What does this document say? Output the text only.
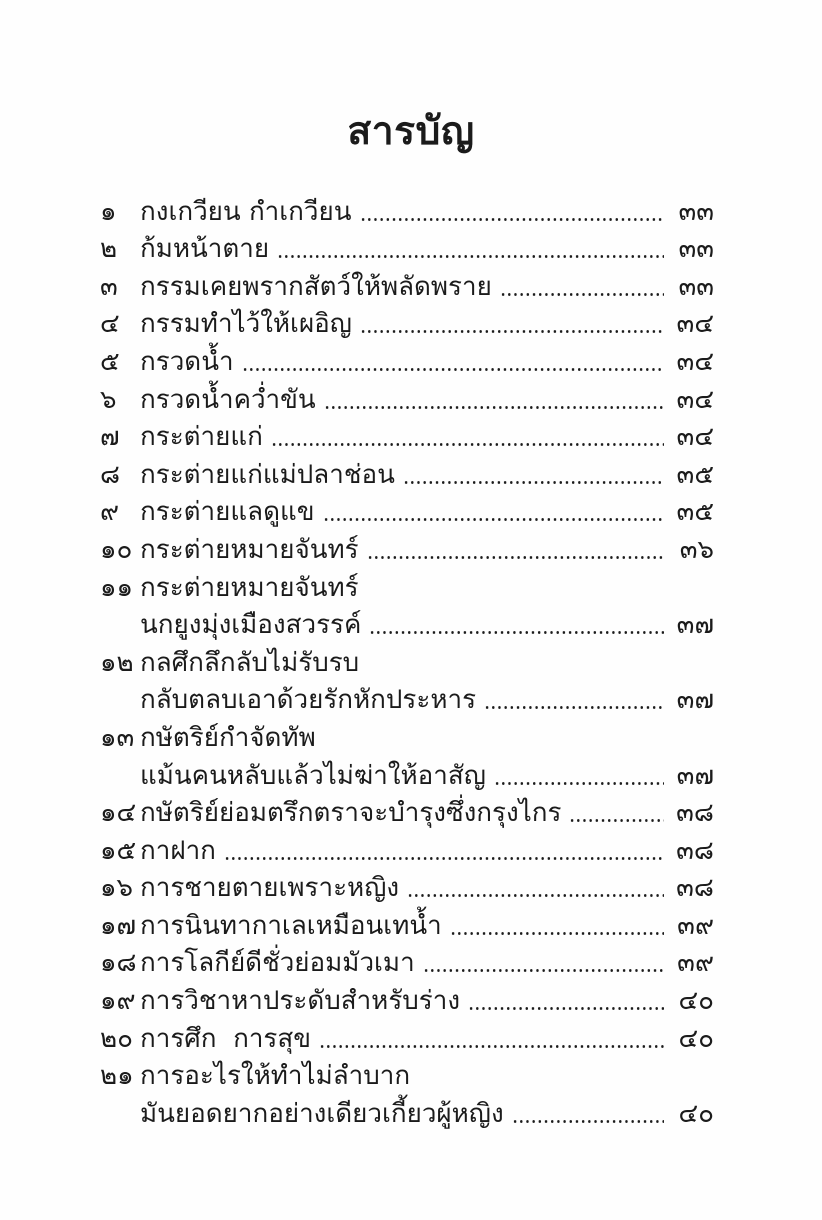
สารบัญ
๑ กงเกวียน กำเกวียน	๓๓
๒ ก้มหน้าตาย	๓๓
๓ กรรมเคยพรากสัตว์ให้พลัดพราย	๓๓
๔ กรรมทำไว้ให้เผอิญ	๓๔
๕ กรวดน้ำ	๓๔
๖ กรวดน้ำคว่ำขัน	๓๔
๗ กระต่ายแก่	๓๔
๘ กระต่ายแก่แม่ปลาช่อน	๓๕
๙ กระต่ายแลดูแข	๓๕
๑๐ กระต่ายหมายจันทร์	๓๖
๑๑ กระต่ายหมายจันทร์
นกยูงมุ่งเมืองสวรรค์	๓๗
๑๒ กลศึกลึกลับไม่รับรบ
กลับตลบเอาด้วยรักหักประหาร	๓๗
๑๓ กษัตริย์กำจัดทัพ
แม้นคนหลับแล้วไม่ฆ่าให้อาสัญ	๓๗
๑๔ กษัตริย์ย่อมตรึกตราจะบำรุงซึ่งกรุงไกร	๓๘
๑๕ กาฝาก	๓๘
๑๖ การชายตายเพราะหญิง	๓๘
๑๗ การนินทากาเลเหมือนเทน้ำ	๓๙
๑๘ การโลกีย์ดีชั่วย่อมมัวเมา	๓๙
๑๙ การวิชาหาประดับสำหรับร่าง	๔๐
๒๐ การศึก  การสุข	๔๐
๒๑ การอะไรให้ทำไม่ลำบาก
มันยอดยากอย่างเดียวเกี้ยวผู้หญิง	๔๐
